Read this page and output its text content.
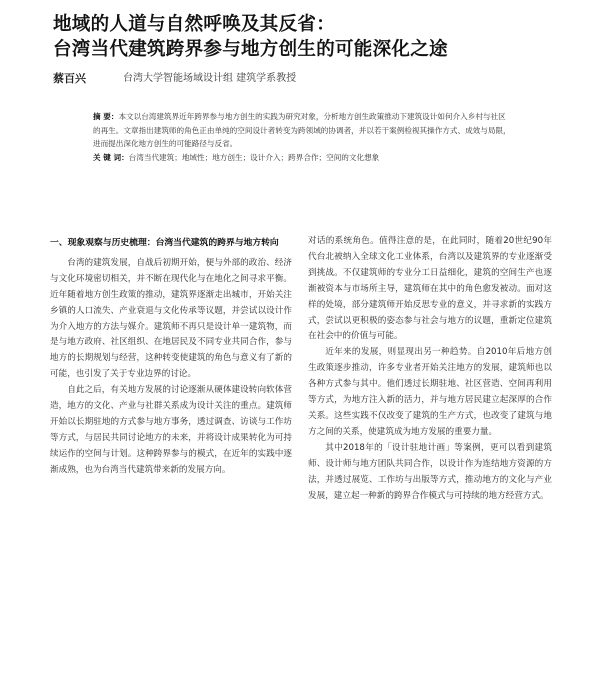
地域的人道与自然呼唤及其反省：
台湾当代建筑跨界参与地方创生的可能深化之途
蔡百兴	台湾大学智能场域设计组 建筑学系教授
摘 要：本文以台湾建筑界近年跨界参与地方创生的实践为研究对象，分析地方创生政策推动下建筑设计如何介入乡村与社区的再生。文章指出建筑师的角色正由单纯的空间设计者转变为跨领域的协调者，并以若干案例检视其操作方式、成效与局限，进而提出深化地方创生的可能路径与反省。
关 键 词：台湾当代建筑；地域性；地方创生；设计介入；跨界合作；空间的文化想象
一、现象观察与历史梳理：台湾当代建筑的跨界与地方转向

台湾的建筑发展，自战后初期开始，便与外部的政治、经济与文化环境密切相关，并不断在现代化与在地化之间寻求平衡。近年随着地方创生政策的推动，建筑界逐渐走出城市，开始关注乡镇的人口流失、产业衰退与文化传承等议题，并尝试以设计作为介入地方的方法与媒介。建筑师不再只是设计单一建筑物，而是与地方政府、社区组织、在地居民及不同专业共同合作，参与地方的长期规划与经营，这种转变使建筑的角色与意义有了新的可能，也引发了关于专业边界的讨论。

自此之后，有关地方发展的讨论逐渐从硬体建设转向软体营造，地方的文化、产业与社群关系成为设计关注的重点。建筑师开始以长期驻地的方式参与地方事务，透过调查、访谈与工作坊等方式，与居民共同讨论地方的未来，并将设计成果转化为可持续运作的空间与计划。这种跨界参与的模式，在近年的实践中逐渐成熟，也为台湾当代建筑带来新的发展方向。

对话的系统角色。值得注意的是，在此同时，随着20世纪90年代台北被纳入全球文化工业体系，台湾以及建筑界的专业逐渐受到挑战。不仅建筑师的专业分工日益细化，建筑的空间生产也逐渐被资本与市场所主导，建筑师在其中的角色愈发被动。面对这样的处境，部分建筑师开始反思专业的意义，并寻求新的实践方式，尝试以更积极的姿态参与社会与地方的议题，重新定位建筑在社会中的价值与可能。

近年来的发展，则显现出另一种趋势。自2010年后地方创生政策逐步推动，许多专业者开始关注地方的发展，建筑师也以各种方式参与其中。他们透过长期驻地、社区营造、空间再利用等方式，为地方注入新的活力，并与地方居民建立起深厚的合作关系。这些实践不仅改变了建筑的生产方式，也改变了建筑与地方之间的关系，使建筑成为地方发展的重要力量。

其中2018年的「设计驻地计画」等案例，更可以看到建筑师、设计师与地方团队共同合作，以设计作为连结地方资源的方法，并透过展览、工作坊与出版等方式，推动地方的文化与产业发展，建立起一种新的跨界合作模式与可持续的地方经营方式。
